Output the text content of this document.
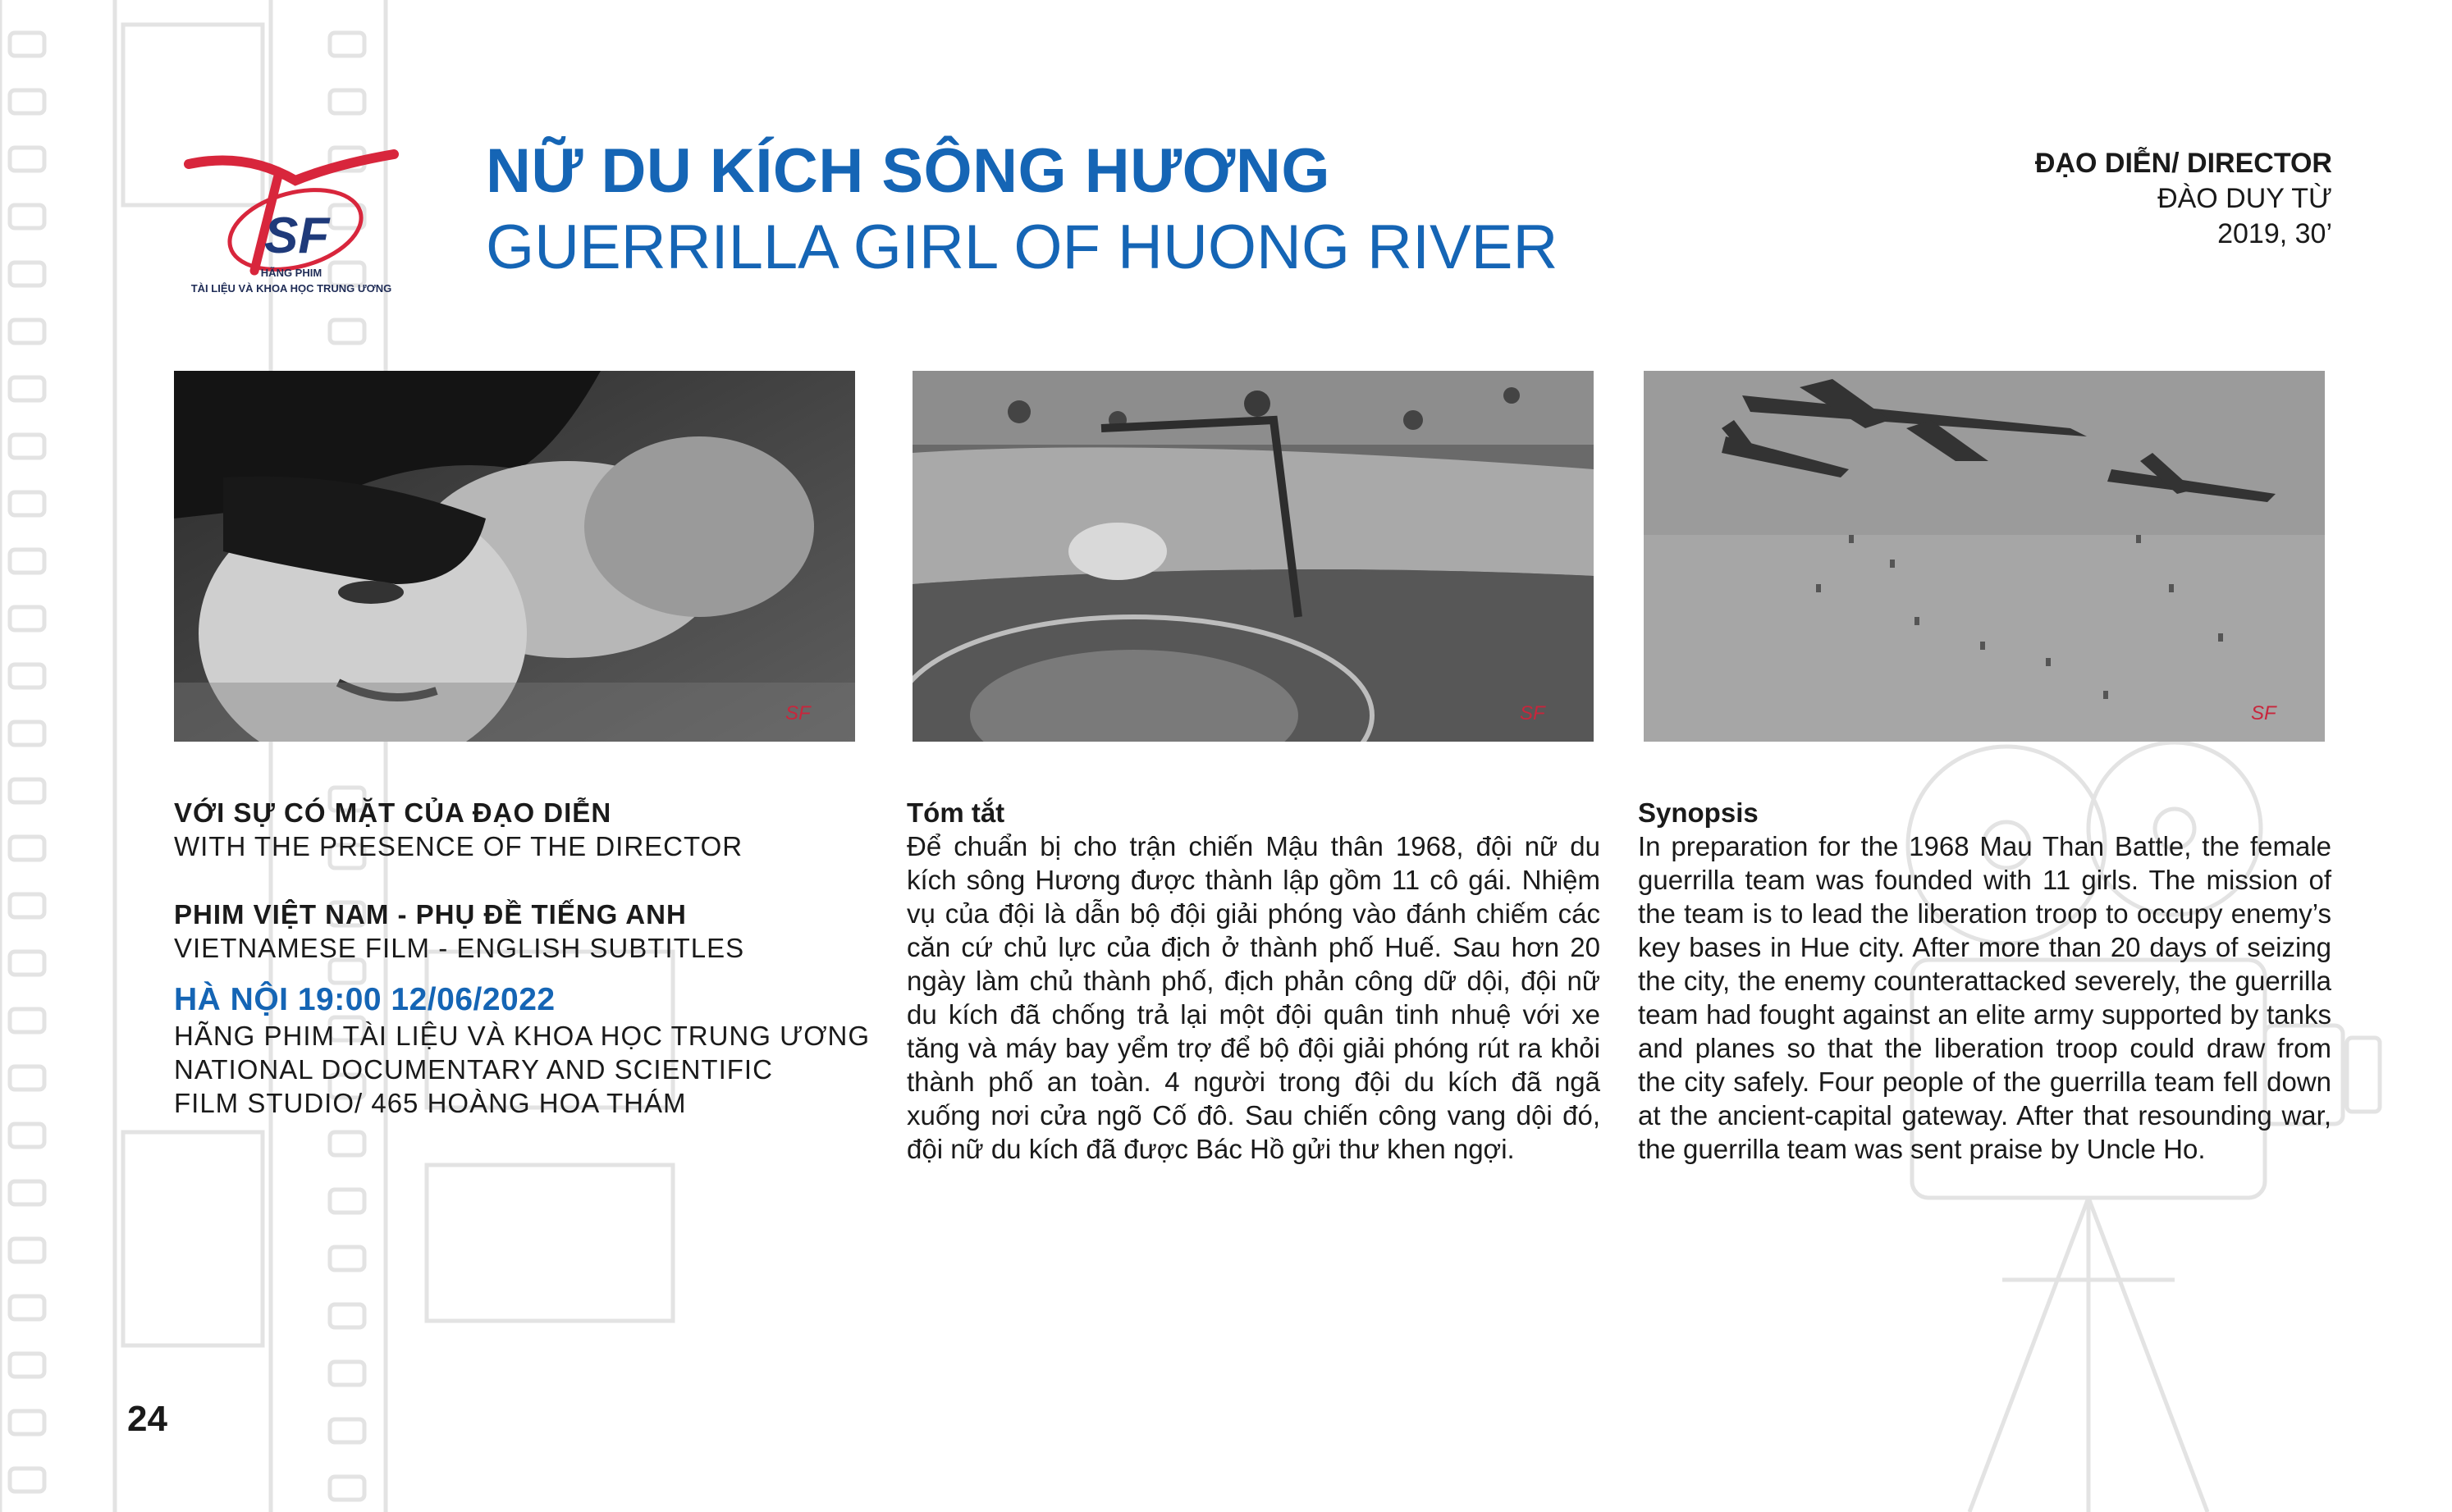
SF
HÃNG PHIM
TÀI LIỆU VÀ KHOA HỌC TRUNG ƯƠNG
NỮ DU KÍCH SÔNG HƯƠNG
GUERRILLA GIRL OF HUONG RIVER
ĐẠO DIỄN/ DIRECTOR
ĐÀO DUY TỪ
2019, 30’
SF	SF	SF
VỚI SỰ CÓ MẶT CỦA ĐẠO DIỄN
WITH THE PRESENCE OF THE DIRECTOR
PHIM VIỆT NAM - PHỤ ĐỀ TIẾNG ANH
VIETNAMESE FILM - ENGLISH SUBTITLES
HÀ NỘI 19:00 12/06/2022
HÃNG PHIM TÀI LIỆU VÀ KHOA HỌC TRUNG ƯƠNG
NATIONAL DOCUMENTARY AND SCIENTIFIC
FILM STUDIO/ 465 HOÀNG HOA THÁM
Tóm tắt
Để chuẩn bị cho trận chiến Mậu thân 1968, đội nữ du kích sông Hương được thành lập gồm 11 cô gái. Nhiệm vụ của đội là dẫn bộ đội giải phóng vào đánh chiếm các căn cứ chủ lực của địch ở thành phố Huế. Sau hơn 20 ngày làm chủ thành phố, địch phản công dữ dội, đội nữ du kích đã chống trả lại một đội quân tinh nhuệ với xe tăng và máy bay yểm trợ để bộ đội giải phóng rút ra khỏi thành phố an toàn. 4 người trong đội du kích đã ngã xuống nơi cửa ngõ Cố đô. Sau chiến công vang dội đó, đội nữ du kích đã được Bác Hồ gửi thư khen ngợi.
Synopsis
In preparation for the 1968 Mau Than Battle, the female guerrilla team was founded with 11 girls. The mission of the team is to lead the liberation troop to occupy enemy’s key bases in Hue city. After more than 20 days of seizing the city, the enemy counterattacked severely, the guerrilla team had fought against an elite army supported by tanks and planes so that the liberation troop could draw from the city safely. Four people of the guerrilla team fell down at the ancient-capital gateway. After that resounding war, the guerrilla team was sent praise by Uncle Ho.
24
